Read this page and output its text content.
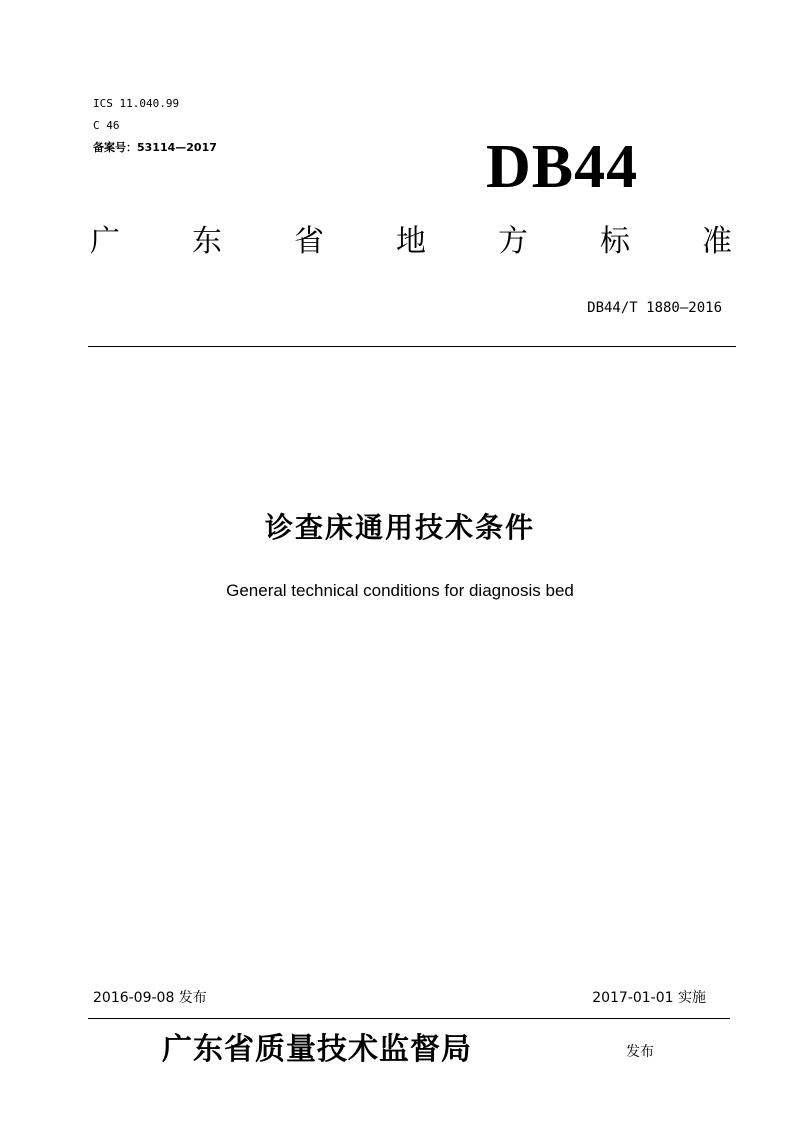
ICS 11.040.99
C 46
备案号：53114—2017	DB44
广 东 省 地 方 标 准
DB44/T 1880—2016
诊查床通用技术条件
General technical conditions for diagnosis bed
2016-09-08 发布	2017-01-01 实施
广东省质量技术监督局	发布
